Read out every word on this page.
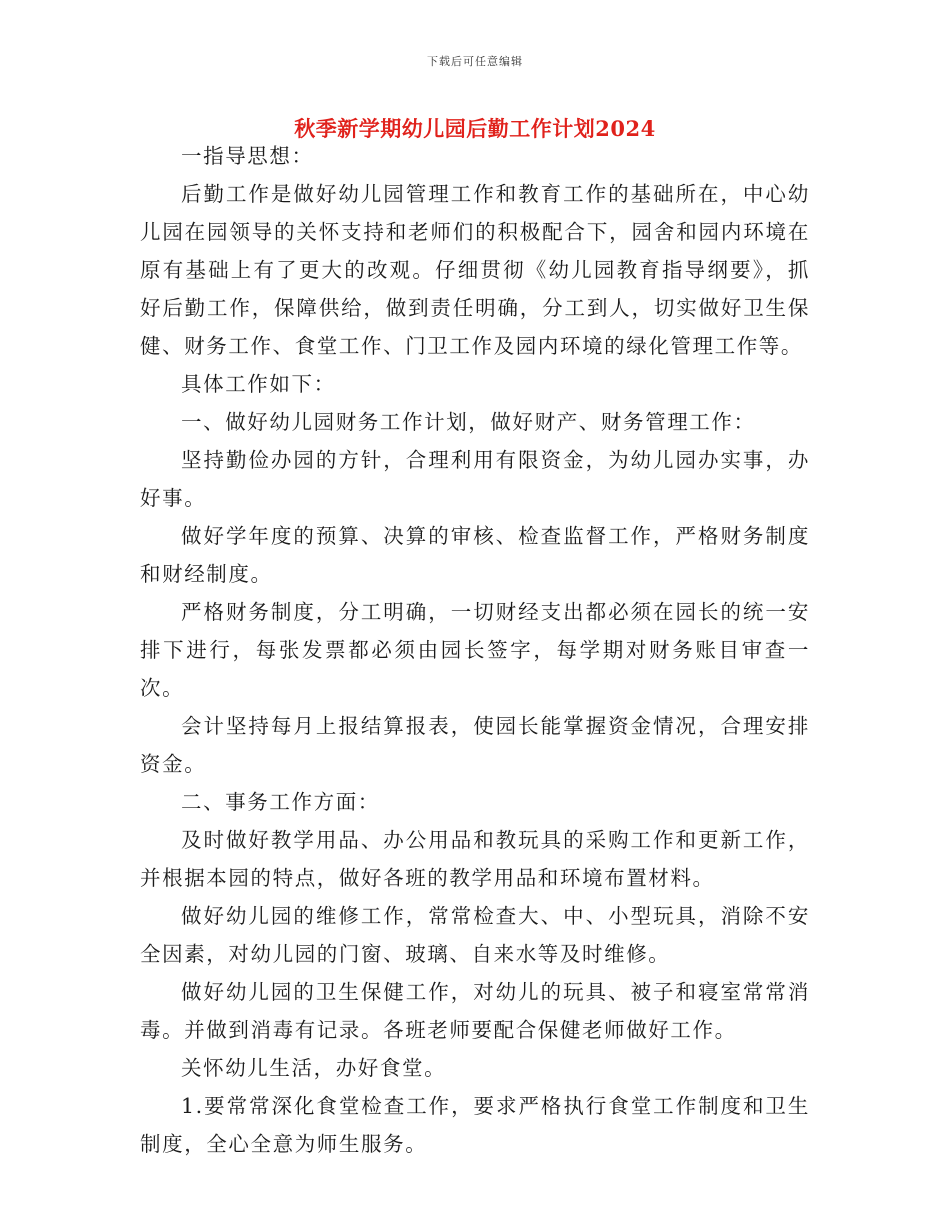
下载后可任意编辑
秋季新学期幼儿园后勤工作计划2024

一指导思想：

后勤工作是做好幼儿园管理工作和教育工作的基础所在，中心幼儿园在园领导的关怀支持和老师们的积极配合下，园舍和园内环境在原有基础上有了更大的改观。仔细贯彻《幼儿园教育指导纲要》，抓好后勤工作，保障供给，做到责任明确，分工到人，切实做好卫生保健、财务工作、食堂工作、门卫工作及园内环境的绿化管理工作等。

具体工作如下：

一、做好幼儿园财务工作计划，做好财产、财务管理工作：

坚持勤俭办园的方针，合理利用有限资金，为幼儿园办实事，办好事。

做好学年度的预算、决算的审核、检查监督工作，严格财务制度和财经制度。

严格财务制度，分工明确，一切财经支出都必须在园长的统一安排下进行，每张发票都必须由园长签字，每学期对财务账目审查一次。

会计坚持每月上报结算报表，使园长能掌握资金情况，合理安排资金。

二、事务工作方面：

及时做好教学用品、办公用品和教玩具的采购工作和更新工作，并根据本园的特点，做好各班的教学用品和环境布置材料。

做好幼儿园的维修工作，常常检查大、中、小型玩具，消除不安全因素，对幼儿园的门窗、玻璃、自来水等及时维修。

做好幼儿园的卫生保健工作，对幼儿的玩具、被子和寝室常常消毒。并做到消毒有记录。各班老师要配合保健老师做好工作。

关怀幼儿生活，办好食堂。

1.要常常深化食堂检查工作，要求严格执行食堂工作制度和卫生制度，全心全意为师生服务。
